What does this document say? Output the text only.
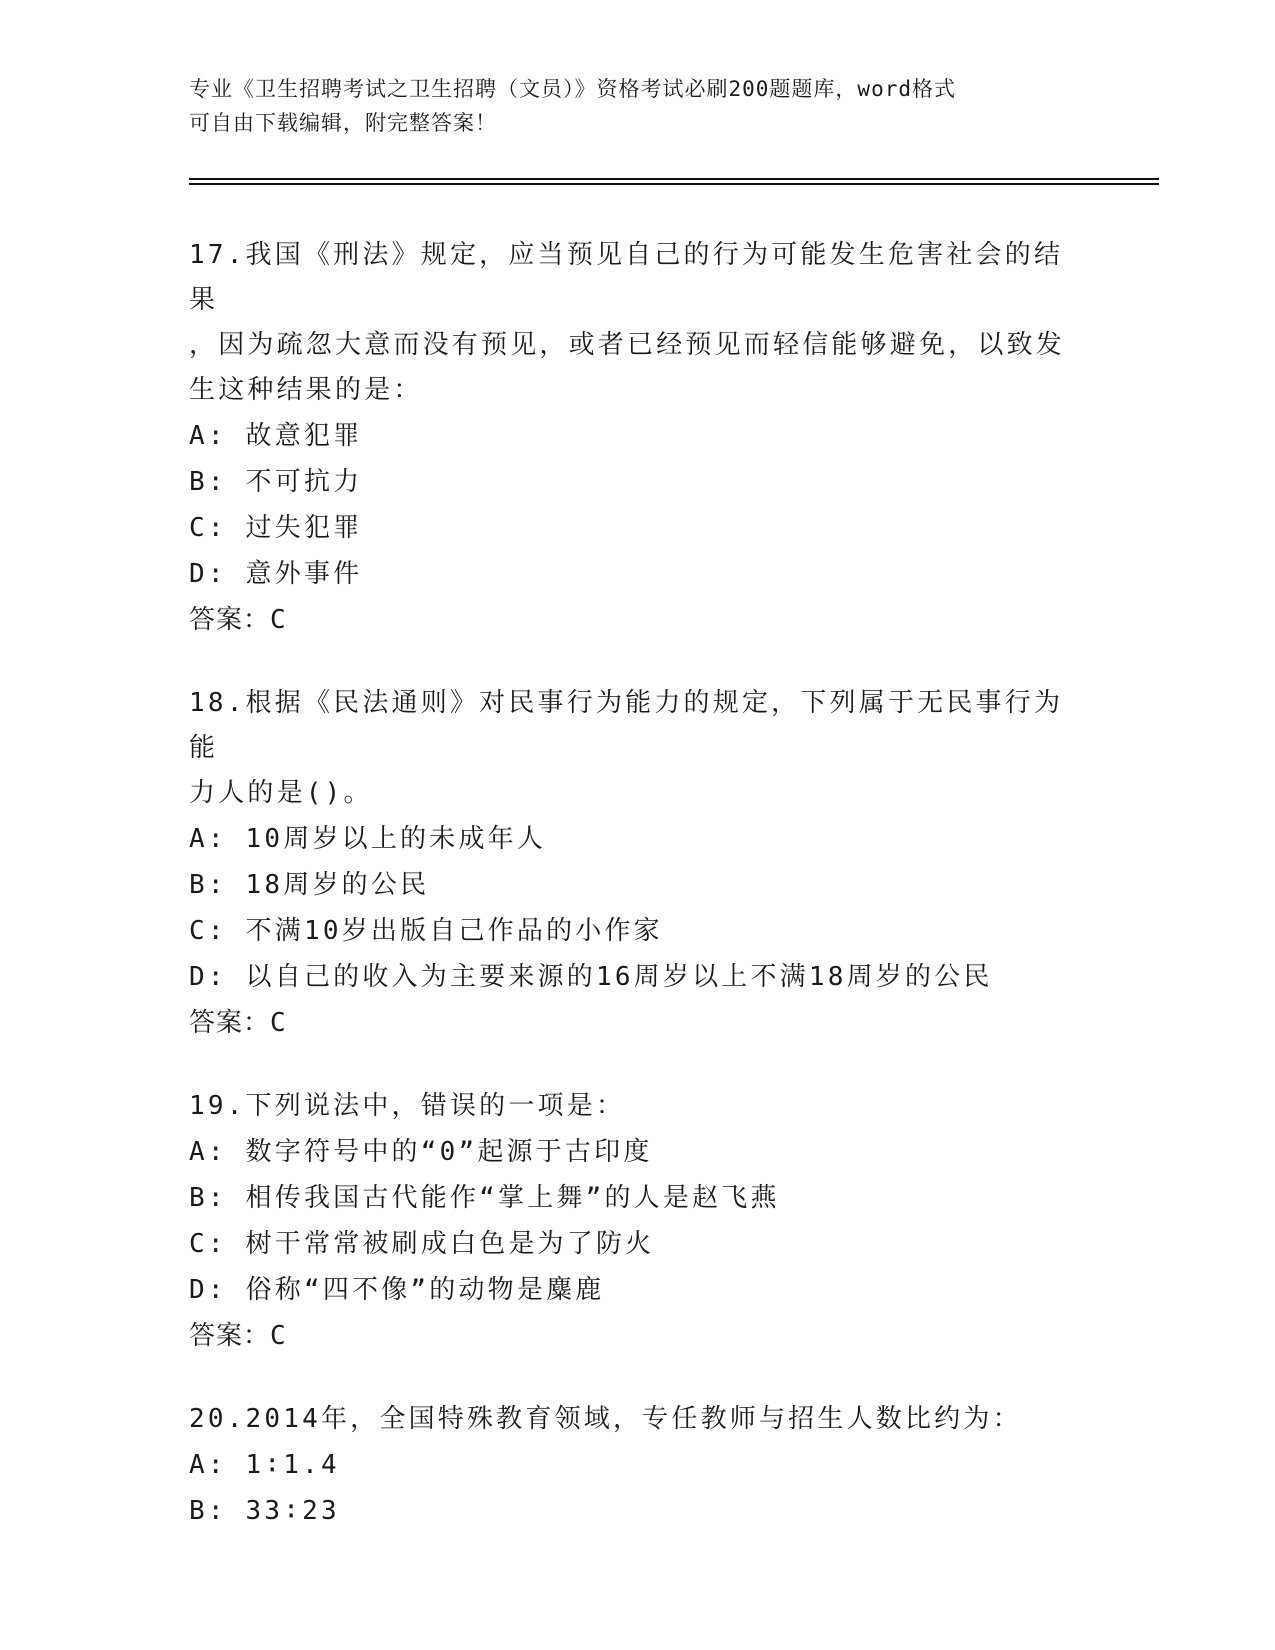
专业《卫生招聘考试之卫生招聘（文员）》资格考试必刷200题题库，word格式
可自由下载编辑，附完整答案！
17.我国《刑法》规定，应当预见自己的行为可能发生危害社会的结果
，因为疏忽大意而没有预见，或者已经预见而轻信能够避免，以致发
生这种结果的是：
A: 故意犯罪
B: 不可抗力
C: 过失犯罪
D: 意外事件
答案：C
18.根据《民法通则》对民事行为能力的规定，下列属于无民事行为能
力人的是()。
A: 10周岁以上的未成年人
B: 18周岁的公民
C: 不满10岁出版自己作品的小作家
D: 以自己的收入为主要来源的16周岁以上不满18周岁的公民
答案：C
19.下列说法中，错误的一项是：
A: 数字符号中的“0”起源于古印度
B: 相传我国古代能作“掌上舞”的人是赵飞燕
C: 树干常常被刷成白色是为了防火
D: 俗称“四不像”的动物是麋鹿
答案：C
20.2014年，全国特殊教育领域，专任教师与招生人数比约为：
A: 1∶1.4
B: 33∶23
